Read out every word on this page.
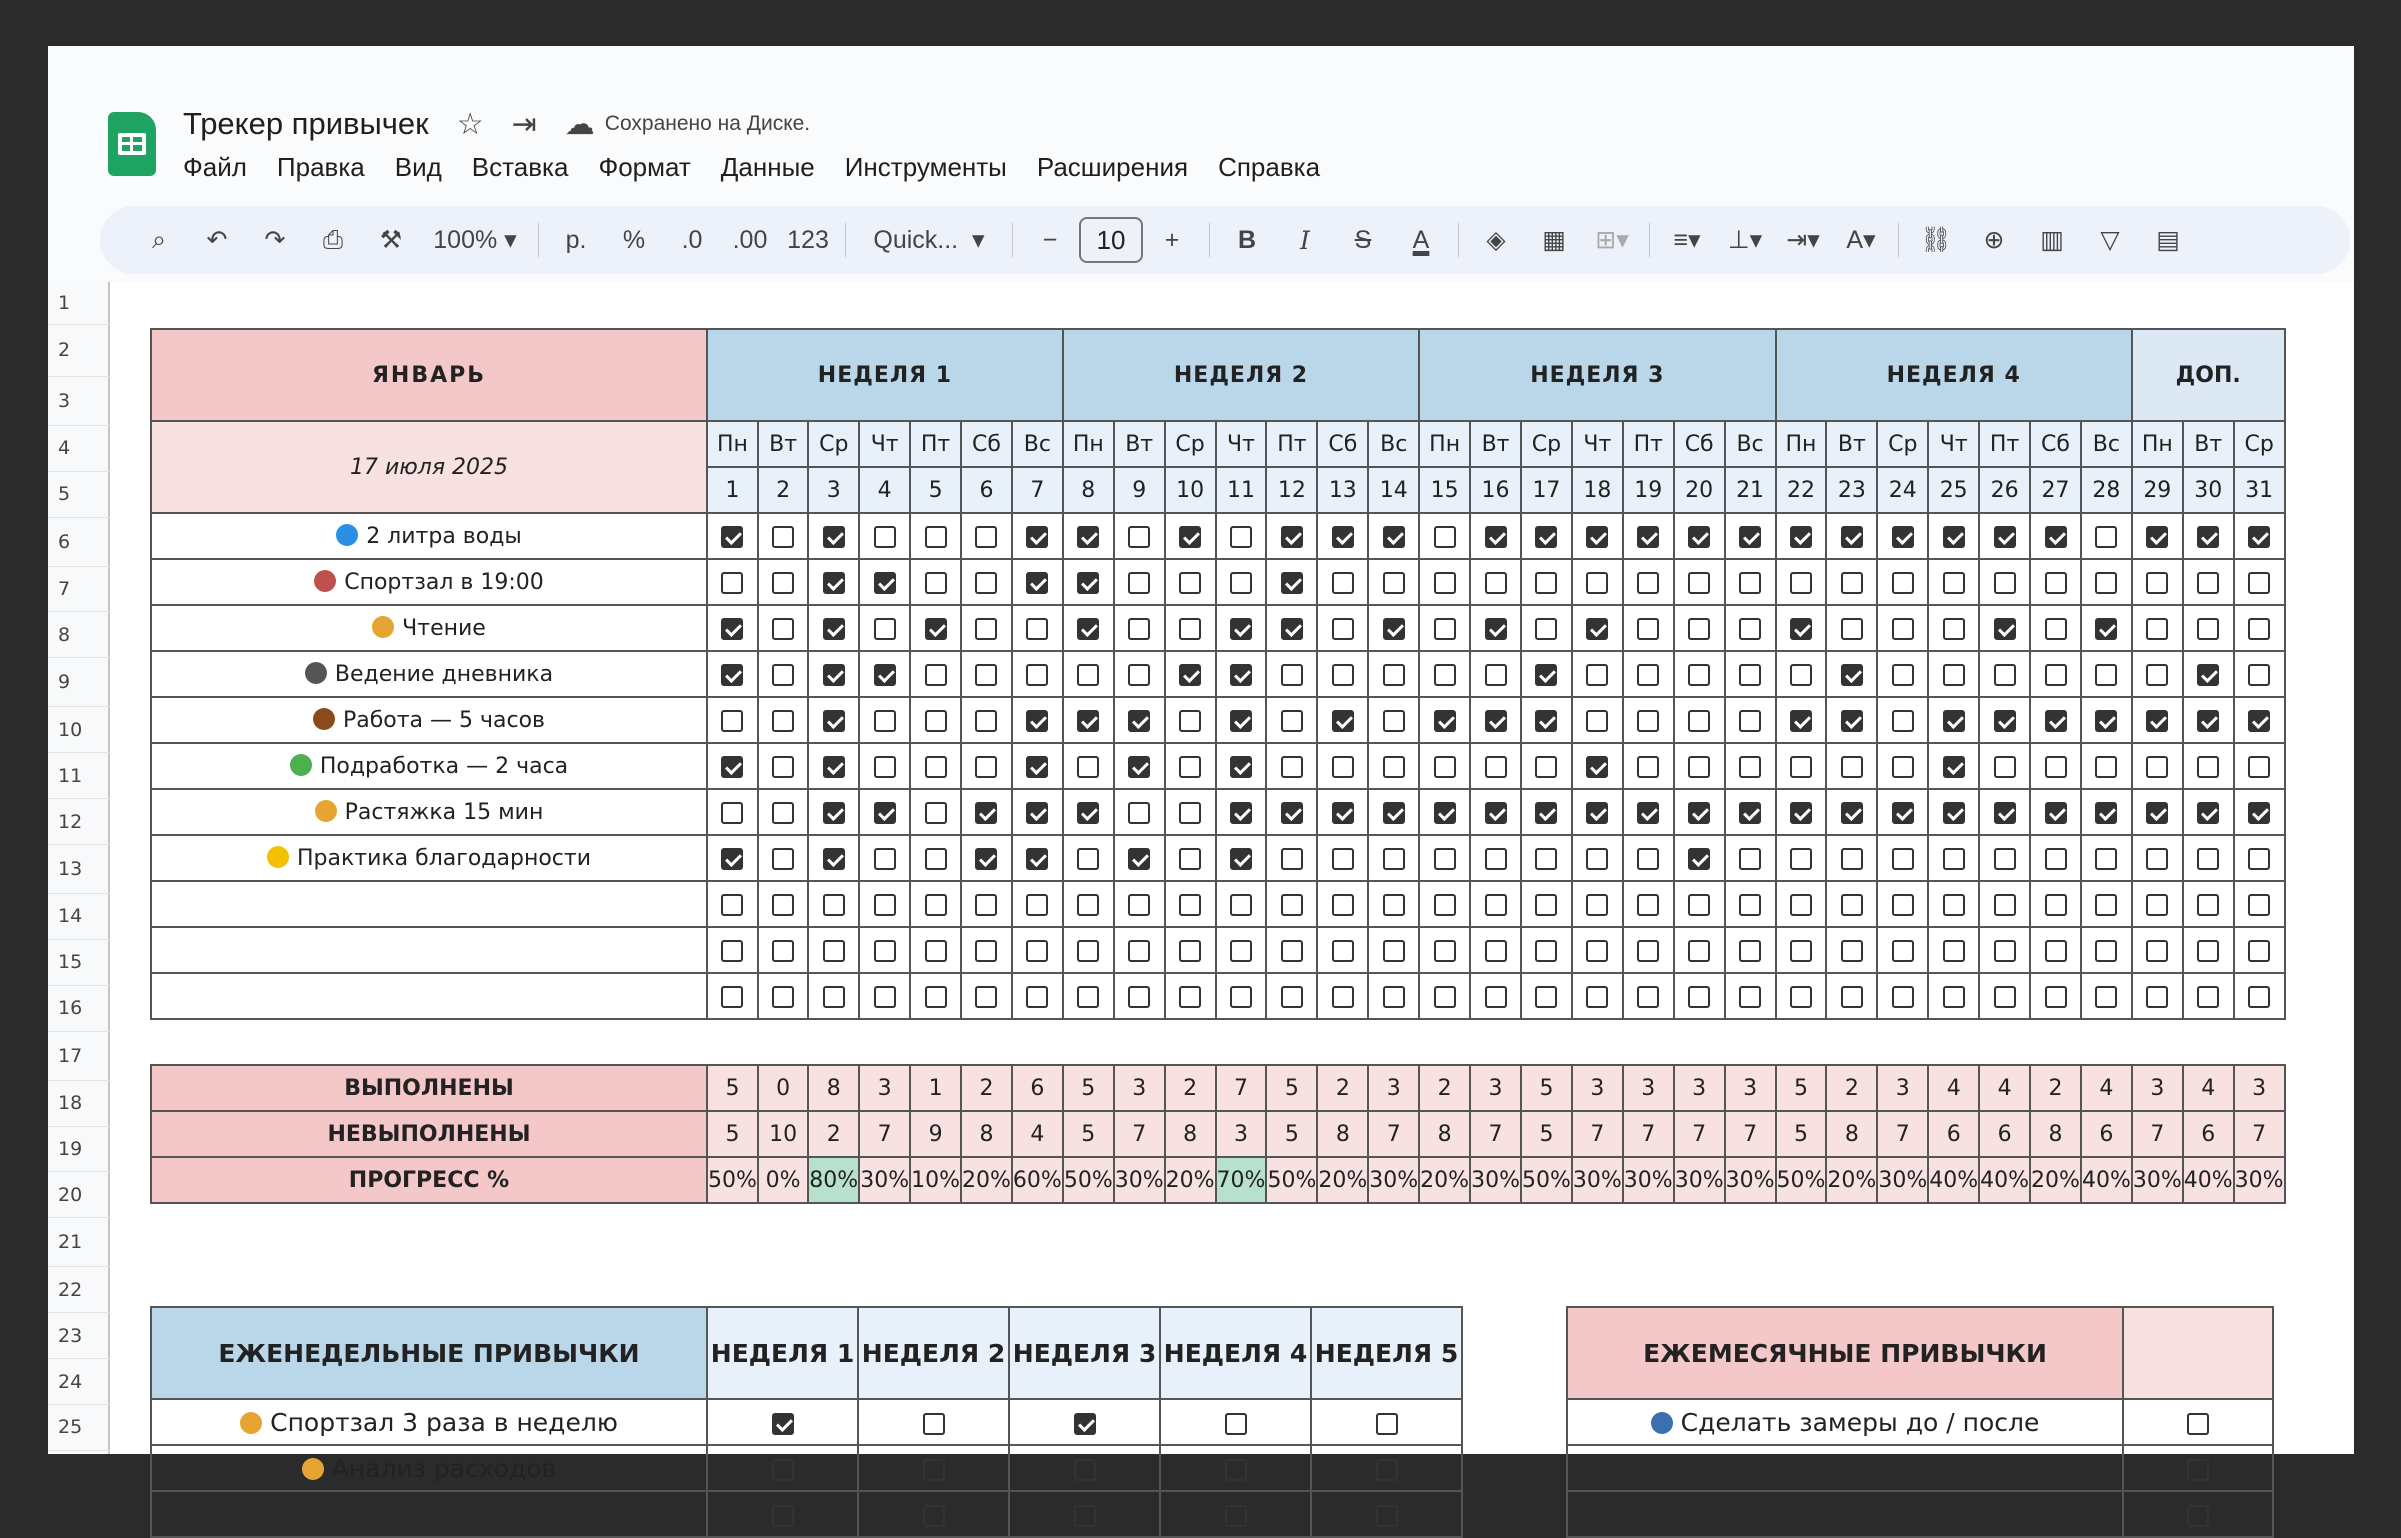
Трекер привычек ☆ ⇥ ☁ Сохранено на Диске.
Файл Правка Вид Вставка Формат Данные Инструменты Расширения Справка
⌕	↶	↷	⎙	⚒	100% ▾	р.	%	.0	.00 123	Quick... ▾	−	10	+	B	I	S	A	◈	▦	⊞▾	≡▾	⊥▾ ⇥▾	A▾	⛓	⊕	▥	▽	▤
1
2
3
4
5
6
7
8
9
10
11
12
13
14
15
16
17
18
19
20
21
22
23
24
25
ЯНВАРЬ	НЕДЕЛЯ 1							НЕДЕЛЯ 2							НЕДЕЛЯ 3							НЕДЕЛЯ 4							ДОП.		

17 июля 2025	Пн	Вт	Ср	Чт	Пт	Сб	Вс	Пн	Вт	Ср	Чт	Пт	Сб	Вс	Пн	Вт	Ср	Чт	Пт	Сб	Вс	Пн	Вт	Ср	Чт	Пт	Сб	Вс	Пн	Вт	Ср
	1	2	3	4	5	6	7	8	9	10	11	12	13	14	15	16	17	18	19	20	21	22	23	24	25	26	27	28	29	30	31
2 литра воды																															
Спортзал в 19:00																															
Чтение																															
Ведение дневника																															
Работа — 5 часов																															
Подработка — 2 часа																															
Растяжка 15 мин																															
Практика благодарности																															

ВЫПОЛНЕНЫ	5	0	8	3	1	2	6	5	3	2	7	5	2	3	2	3	5	3	3	3	3	5	2	3	4	4	2	4	3	4	3
НЕВЫПОЛНЕНЫ	5	10	2	7	9	8	4	5	7	8	3	5	8	7	8	7	5	7	7	7	7	5	8	7	6	6	8	6	7	6	7
ПРОГРЕСС %	50%	0%	80%	30%	10%	20%	60%	50%	30%	20%	70%	50%	20%	30%	20%	30%	50%	30%	30%	30%	30%	50%	20%	30%	40%	40%	20%	40%	30%	40%	30%
ЕЖЕНЕДЕЛЬНЫЕ ПРИВЫЧКИ	НЕДЕЛЯ 1	НЕДЕЛЯ 2	НЕДЕЛЯ 3	НЕДЕЛЯ 4	НЕДЕЛЯ 5
Спортзал 3 раза в неделю					
Анализ расходов					

ЕЖЕМЕСЯЧНЫЕ ПРИВЫЧКИ	
Сделать замеры до / после	
